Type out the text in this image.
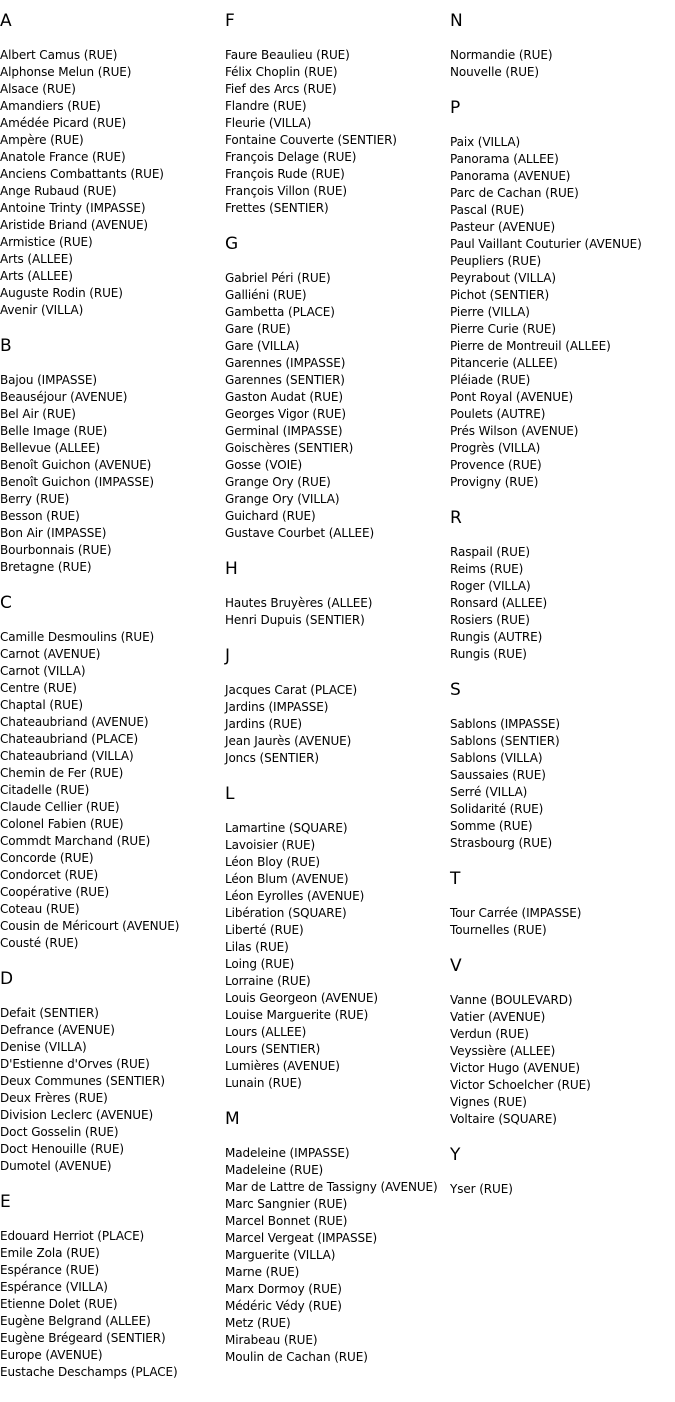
A
Albert Camus (RUE)
Alphonse Melun (RUE)
Alsace (RUE)
Amandiers (RUE)
Amédée Picard (RUE)
Ampère (RUE)
Anatole France (RUE)
Anciens Combattants (RUE)
Ange Rubaud (RUE)
Antoine Trinty (IMPASSE)
Aristide Briand (AVENUE)
Armistice (RUE)
Arts (ALLEE)
Arts (ALLEE)
Auguste Rodin (RUE)
Avenir (VILLA)
B
Bajou (IMPASSE)
Beauséjour (AVENUE)
Bel Air (RUE)
Belle Image (RUE)
Bellevue (ALLEE)
Benoît Guichon (AVENUE)
Benoît Guichon (IMPASSE)
Berry (RUE)
Besson (RUE)
Bon Air (IMPASSE)
Bourbonnais (RUE)
Bretagne (RUE)
C
Camille Desmoulins (RUE)
Carnot (AVENUE)
Carnot (VILLA)
Centre (RUE)
Chaptal (RUE)
Chateaubriand (AVENUE)
Chateaubriand (PLACE)
Chateaubriand (VILLA)
Chemin de Fer (RUE)
Citadelle (RUE)
Claude Cellier (RUE)
Colonel Fabien (RUE)
Commdt Marchand (RUE)
Concorde (RUE)
Condorcet (RUE)
Coopérative (RUE)
Coteau (RUE)
Cousin de Méricourt (AVENUE)
Cousté (RUE)
D
Defait (SENTIER)
Defrance (AVENUE)
Denise (VILLA)
D'Estienne d'Orves (RUE)
Deux Communes (SENTIER)
Deux Frères (RUE)
Division Leclerc (AVENUE)
Doct Gosselin (RUE)
Doct Henouille (RUE)
Dumotel (AVENUE)
E
Edouard Herriot (PLACE)
Emile Zola (RUE)
Espérance (RUE)
Espérance (VILLA)
Etienne Dolet (RUE)
Eugène Belgrand (ALLEE)
Eugène Brégeard (SENTIER)
Europe (AVENUE)
Eustache Deschamps (PLACE)
F
Faure Beaulieu (RUE)
Félix Choplin (RUE)
Fief des Arcs (RUE)
Flandre (RUE)
Fleurie (VILLA)
Fontaine Couverte (SENTIER)
François Delage (RUE)
François Rude (RUE)
François Villon (RUE)
Frettes (SENTIER)
G
Gabriel Péri (RUE)
Galliéni (RUE)
Gambetta (PLACE)
Gare (RUE)
Gare (VILLA)
Garennes (IMPASSE)
Garennes (SENTIER)
Gaston Audat (RUE)
Georges Vigor (RUE)
Germinal (IMPASSE)
Goischères (SENTIER)
Gosse (VOIE)
Grange Ory (RUE)
Grange Ory (VILLA)
Guichard (RUE)
Gustave Courbet (ALLEE)
H
Hautes Bruyères (ALLEE)
Henri Dupuis (SENTIER)
J
Jacques Carat (PLACE)
Jardins (IMPASSE)
Jardins (RUE)
Jean Jaurès (AVENUE)
Joncs (SENTIER)
L
Lamartine (SQUARE)
Lavoisier (RUE)
Léon Bloy (RUE)
Léon Blum (AVENUE)
Léon Eyrolles (AVENUE)
Libération (SQUARE)
Liberté (RUE)
Lilas (RUE)
Loing (RUE)
Lorraine (RUE)
Louis Georgeon (AVENUE)
Louise Marguerite (RUE)
Lours (ALLEE)
Lours (SENTIER)
Lumières (AVENUE)
Lunain (RUE)
M
Madeleine (IMPASSE)
Madeleine (RUE)
Mar de Lattre de Tassigny (AVENUE)
Marc Sangnier (RUE)
Marcel Bonnet (RUE)
Marcel Vergeat (IMPASSE)
Marguerite (VILLA)
Marne (RUE)
Marx Dormoy (RUE)
Médéric Védy (RUE)
Metz (RUE)
Mirabeau (RUE)
Moulin de Cachan (RUE)
N
Normandie (RUE)
Nouvelle (RUE)
P
Paix (VILLA)
Panorama (ALLEE)
Panorama (AVENUE)
Parc de Cachan (RUE)
Pascal (RUE)
Pasteur (AVENUE)
Paul Vaillant Couturier (AVENUE)
Peupliers (RUE)
Peyrabout (VILLA)
Pichot (SENTIER)
Pierre (VILLA)
Pierre Curie (RUE)
Pierre de Montreuil (ALLEE)
Pitancerie (ALLEE)
Pléiade (RUE)
Pont Royal (AVENUE)
Poulets (AUTRE)
Prés Wilson (AVENUE)
Progrès (VILLA)
Provence (RUE)
Provigny (RUE)
R
Raspail (RUE)
Reims (RUE)
Roger (VILLA)
Ronsard (ALLEE)
Rosiers (RUE)
Rungis (AUTRE)
Rungis (RUE)
S
Sablons (IMPASSE)
Sablons (SENTIER)
Sablons (VILLA)
Saussaies (RUE)
Serré (VILLA)
Solidarité (RUE)
Somme (RUE)
Strasbourg (RUE)
T
Tour Carrée (IMPASSE)
Tournelles (RUE)
V
Vanne (BOULEVARD)
Vatier (AVENUE)
Verdun (RUE)
Veyssière (ALLEE)
Victor Hugo (AVENUE)
Victor Schoelcher (RUE)
Vignes (RUE)
Voltaire (SQUARE)
Y
Yser (RUE)
